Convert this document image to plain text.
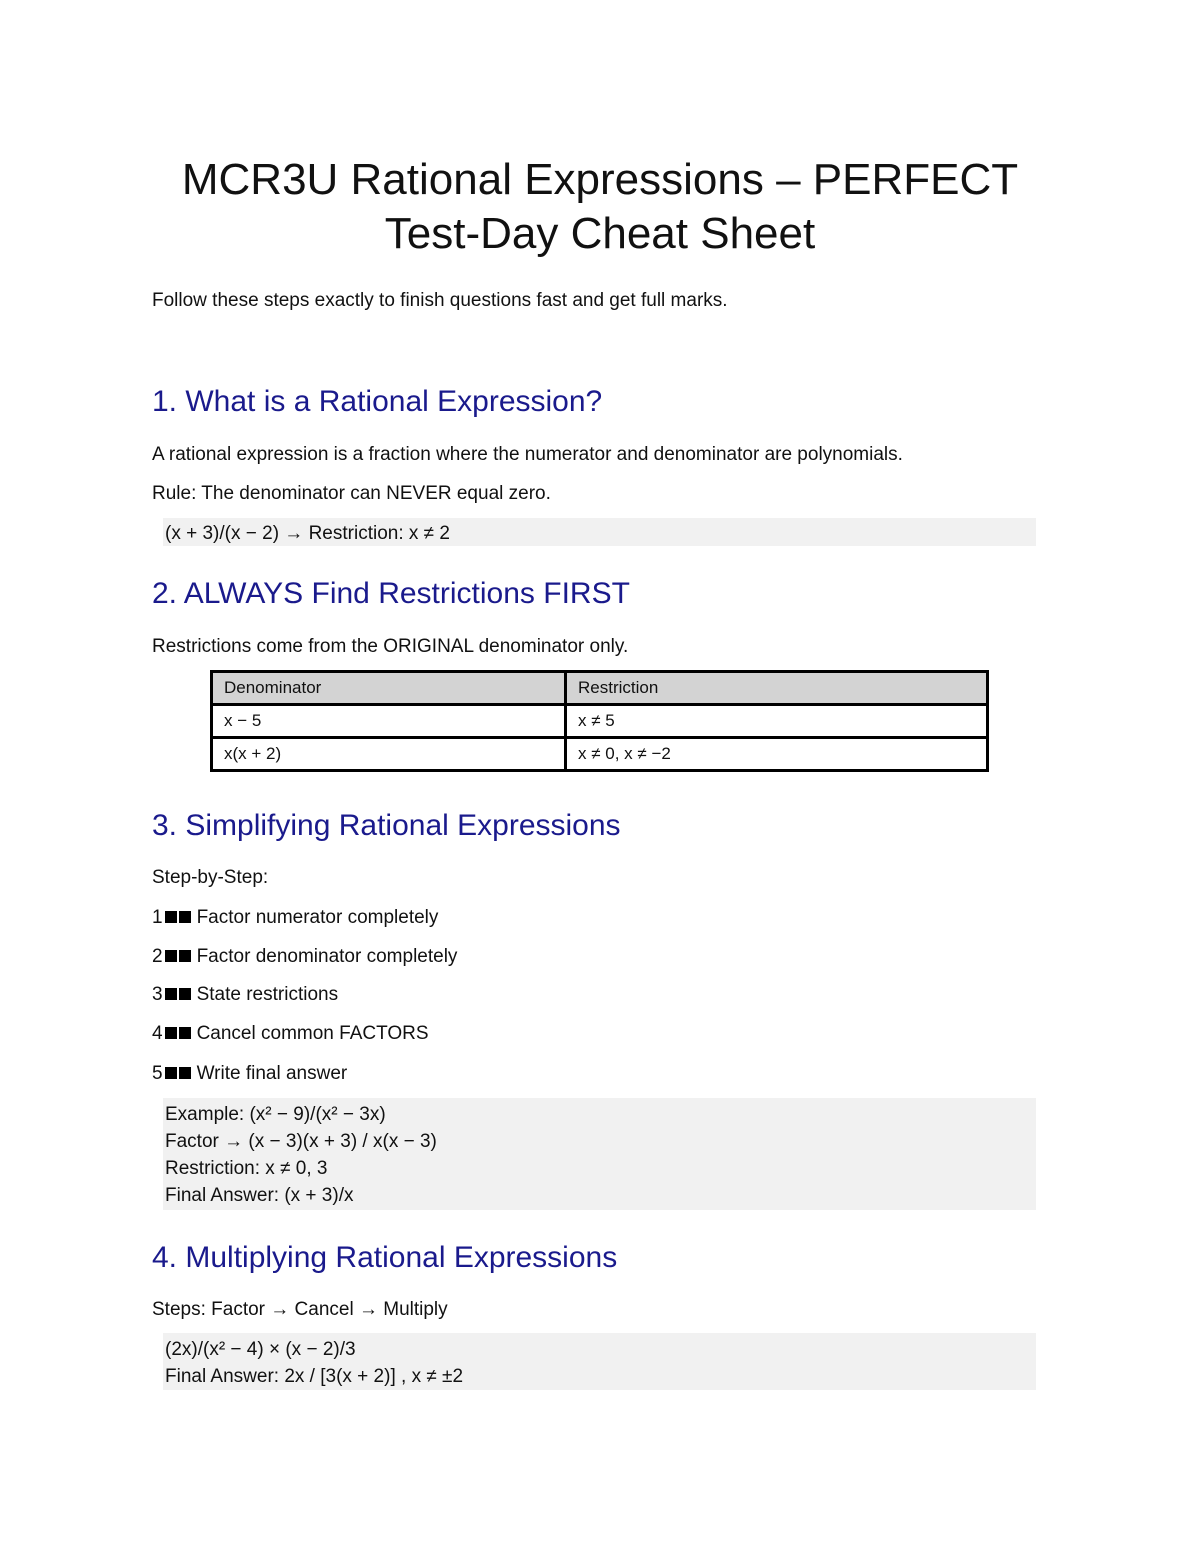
MCR3U Rational Expressions – PERFECT
Test-Day Cheat Sheet

Follow these steps exactly to finish questions fast and get full marks.

1. What is a Rational Expression?

A rational expression is a fraction where the numerator and denominator are polynomials.

Rule: The denominator can NEVER equal zero.

(x + 3)/(x − 2) → Restriction: x ≠ 2
2. ALWAYS Find Restrictions FIRST

Restrictions come from the ORIGINAL denominator only.

Denominator	Restriction
x − 5	x ≠ 5
x(x + 2)	x ≠ 0, x ≠ −2
3. Simplifying Rational Expressions

Step-by-Step:

1 Factor numerator completely

2 Factor denominator completely

3 State restrictions

4 Cancel common FACTORS

5 Write final answer

Example: (x² − 9)/(x² − 3x)
Factor → (x − 3)(x + 3) / x(x − 3)
Restriction: x ≠ 0, 3
Final Answer: (x + 3)/x
4. Multiplying Rational Expressions

Steps: Factor → Cancel → Multiply

(2x)/(x² − 4) × (x − 2)/3
Final Answer: 2x / [3(x + 2)] , x ≠ ±2
